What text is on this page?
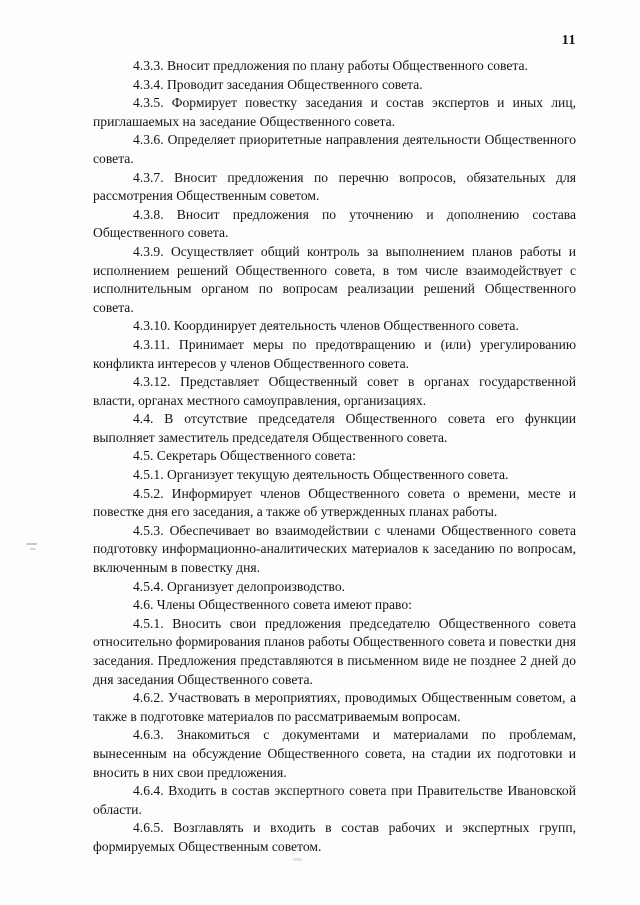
11

4.3.3. Вносит предложения по плану работы Общественного совета.

4.3.4. Проводит заседания Общественного совета.

4.3.5. Формирует повестку заседания и состав экспертов и иных лиц, приглашаемых на заседание Общественного совета.

4.3.6. Определяет приоритетные направления деятельности Общественного совета.

4.3.7. Вносит предложения по перечню вопросов, обязательных для рассмотрения Общественным советом.

4.3.8. Вносит предложения по уточнению и дополнению состава Общественного совета.

4.3.9. Осуществляет общий контроль за выполнением планов работы и исполнением решений Общественного совета, в том числе взаимодействует с исполнительным органом по вопросам реализации решений Общественного совета.

4.3.10. Координирует деятельность членов Общественного совета.

4.3.11. Принимает меры по предотвращению и (или) урегулированию конфликта интересов у членов Общественного совета.

4.3.12. Представляет Общественный совет в органах государственной власти, органах местного самоуправления, организациях.

4.4. В отсутствие председателя Общественного совета его функции выполняет заместитель председателя Общественного совета.

4.5. Секретарь Общественного совета:

4.5.1. Организует текущую деятельность Общественного совета.

4.5.2. Информирует членов Общественного совета о времени, месте и повестке дня его заседания, а также об утвержденных планах работы.

4.5.3. Обеспечивает во взаимодействии с членами Общественного совета подготовку информационно-аналитических материалов к заседанию по вопросам, включенным в повестку дня.

4.5.4. Организует делопроизводство.

4.6. Члены Общественного совета имеют право:

4.5.1. Вносить свои предложения председателю Общественного совета относительно формирования планов работы Общественного совета и повестки дня заседания. Предложения представляются в письменном виде не позднее 2 дней до дня заседания Общественного совета.

4.6.2. Участвовать в мероприятиях, проводимых Общественным советом, а также в подготовке материалов по рассматриваемым вопросам.

4.6.3. Знакомиться с документами и материалами по проблемам, вынесенным на обсуждение Общественного совета, на стадии их подготовки и вносить в них свои предложения.

4.6.4. Входить в состав экспертного совета при Правительстве Ивановской области.

4.6.5. Возглавлять и входить в состав рабочих и экспертных групп, формируемых Общественным советом.
